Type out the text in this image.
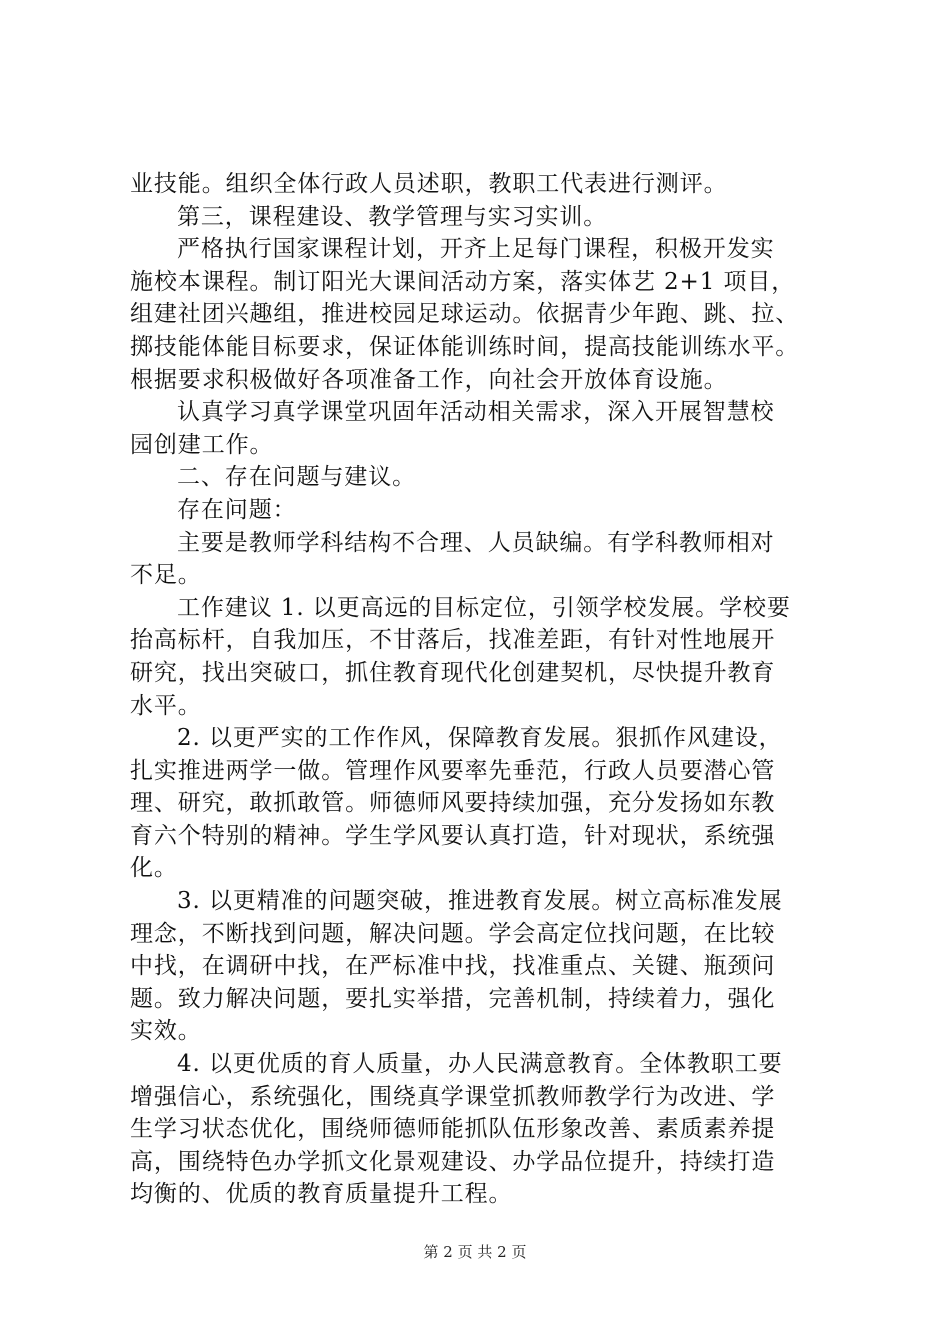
业技能。组织全体行政人员述职，教职工代表进行测评。
第三，课程建设、教学管理与实习实训。
严格执行国家课程计划，开齐上足每门课程，积极开发实
施校本课程。制订阳光大课间活动方案，落实体艺 2+1 项目，
组建社团兴趣组，推进校园足球运动。依据青少年跑、跳、拉、
掷技能体能目标要求，保证体能训练时间，提高技能训练水平。
根据要求积极做好各项准备工作，向社会开放体育设施。
认真学习真学课堂巩固年活动相关需求，深入开展智慧校
园创建工作。
二、存在问题与建议。
存在问题：
主要是教师学科结构不合理、人员缺编。有学科教师相对
不足。
工作建议 1. 以更高远的目标定位，引领学校发展。学校要
抬高标杆，自我加压，不甘落后，找准差距，有针对性地展开
研究，找出突破口，抓住教育现代化创建契机，尽快提升教育
水平。
2. 以更严实的工作作风，保障教育发展。狠抓作风建设，
扎实推进两学一做。管理作风要率先垂范，行政人员要潜心管
理、研究，敢抓敢管。师德师风要持续加强，充分发扬如东教
育六个特别的精神。学生学风要认真打造，针对现状，系统强
化。
3. 以更精准的问题突破，推进教育发展。树立高标准发展
理念，不断找到问题，解决问题。学会高定位找问题，在比较
中找，在调研中找，在严标准中找，找准重点、关键、瓶颈问
题。致力解决问题，要扎实举措，完善机制，持续着力，强化
实效。
4. 以更优质的育人质量，办人民满意教育。全体教职工要
增强信心，系统强化，围绕真学课堂抓教师教学行为改进、学
生学习状态优化，围绕师德师能抓队伍形象改善、素质素养提
高，围绕特色办学抓文化景观建设、办学品位提升，持续打造
均衡的、优质的教育质量提升工程。
第 2 页 共 2 页
